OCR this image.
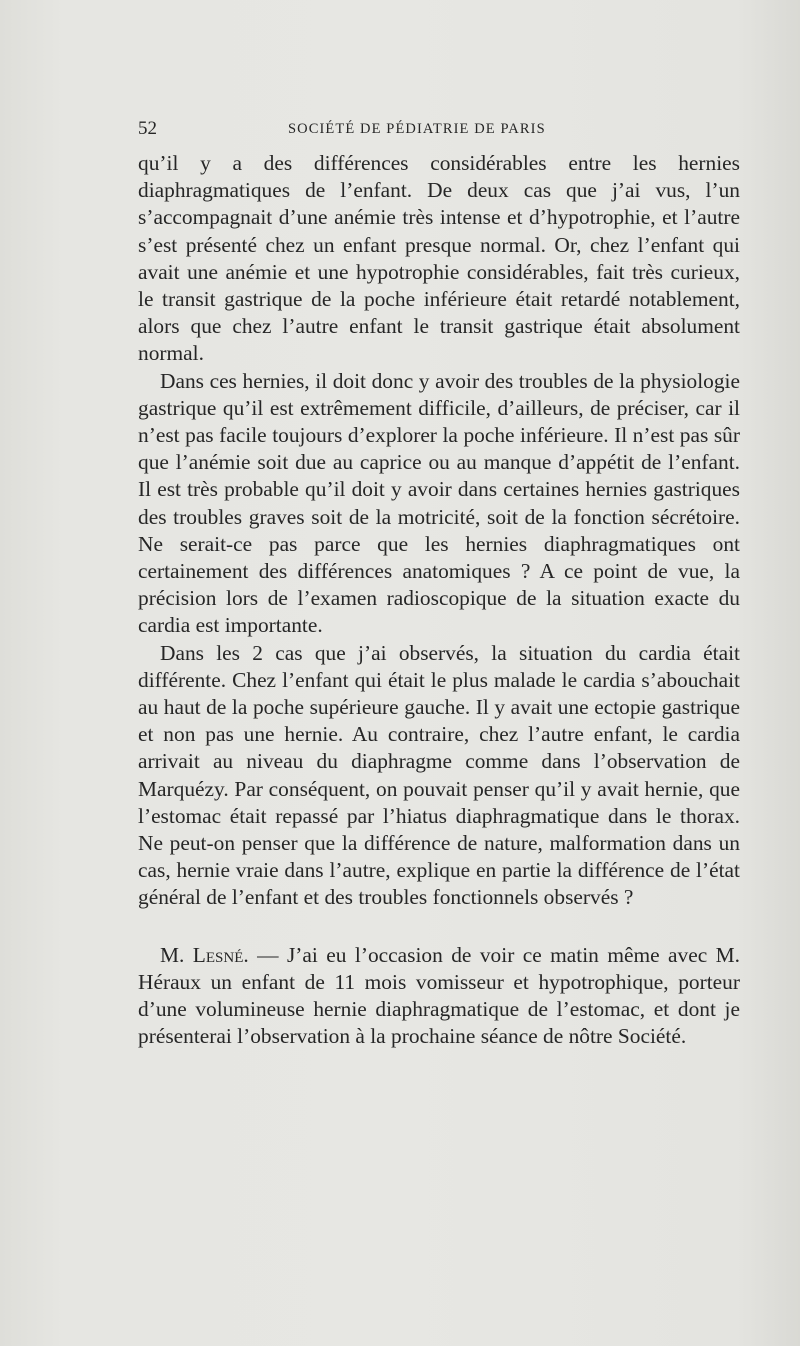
52	SOCIÉTÉ DE PÉDIATRIE DE PARIS

qu’il y a des différences considérables entre les hernies diaphragmatiques de l’enfant. De deux cas que j’ai vus, l’un s’accompagnait d’une anémie très intense et d’hypotrophie, et l’autre s’est présenté chez un enfant presque normal. Or, chez l’enfant qui avait une anémie et une hypotrophie considérables, fait très curieux, le transit gastrique de la poche inférieure était retardé notablement, alors que chez l’autre enfant le transit gastrique était absolument normal.

Dans ces hernies, il doit donc y avoir des troubles de la physiologie gastrique qu’il est extrêmement difficile, d’ailleurs, de préciser, car il n’est pas facile toujours d’explorer la poche inférieure. Il n’est pas sûr que l’anémie soit due au caprice ou au manque d’appétit de l’enfant. Il est très probable qu’il doit y avoir dans certaines hernies gastriques des troubles graves soit de la motricité, soit de la fonction sécrétoire. Ne serait-ce pas parce que les hernies diaphragmatiques ont certainement des différences anatomiques ? A ce point de vue, la précision lors de l’examen radioscopique de la situation exacte du cardia est importante.

Dans les 2 cas que j’ai observés, la situation du cardia était différente. Chez l’enfant qui était le plus malade le cardia s’abouchait au haut de la poche supérieure gauche. Il y avait une ectopie gastrique et non pas une hernie. Au contraire, chez l’autre enfant, le cardia arrivait au niveau du diaphragme comme dans l’observation de Marquézy. Par conséquent, on pouvait penser qu’il y avait hernie, que l’estomac était repassé par l’hiatus diaphragmatique dans le thorax. Ne peut-on penser que la différence de nature, malformation dans un cas, hernie vraie dans l’autre, explique en partie la différence de l’état général de l’enfant et des troubles fonctionnels observés ?

M. Lesné. — J’ai eu l’occasion de voir ce matin même avec M. Héraux un enfant de 11 mois vomisseur et hypotrophique, porteur d’une volumineuse hernie diaphragmatique de l’estomac, et dont je présenterai l’observation à la prochaine séance de nôtre Société.
